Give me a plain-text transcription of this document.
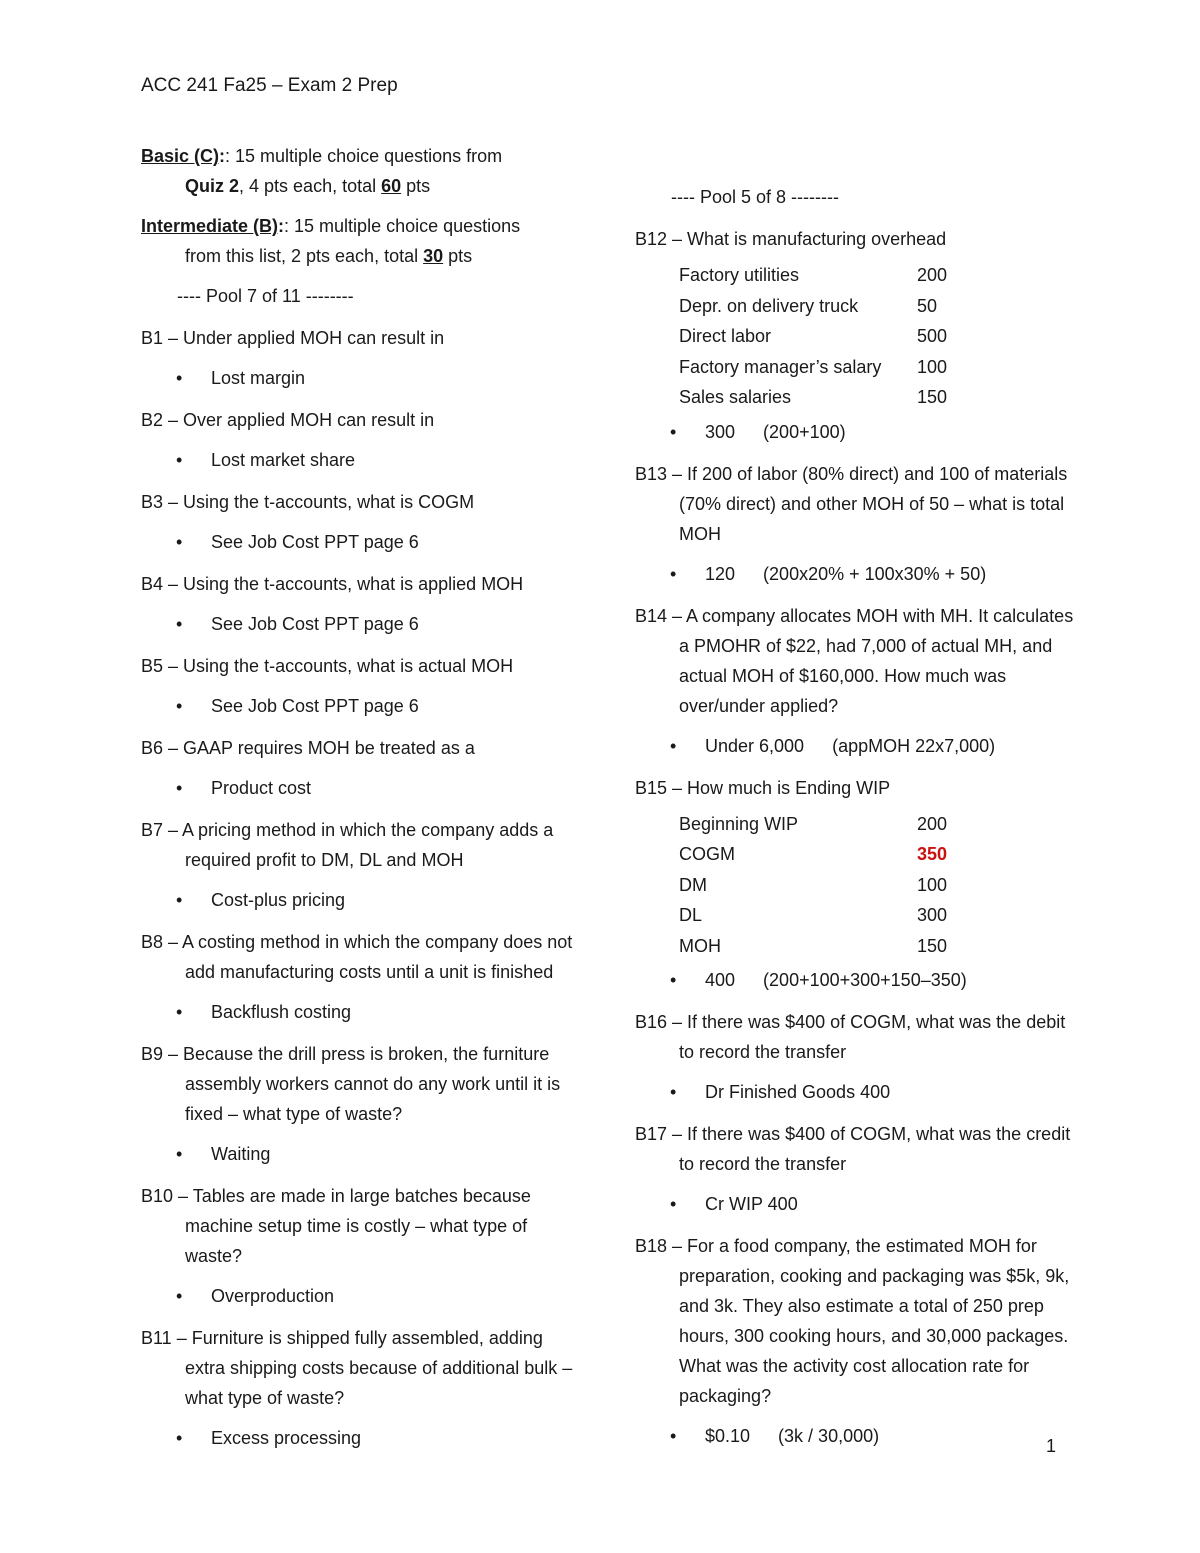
ACC 241 Fa25 – Exam 2 Prep
Basic (C):: 15 multiple choice questions from
Quiz 2, 4 pts each, total 60 pts
Intermediate (B):: 15 multiple choice questions
from this list, 2 pts each, total 30 pts
---- Pool 7 of 11 --------
B1 – Under applied MOH can result in
• Lost margin
B2 – Over applied MOH can result in
• Lost market share
B3 – Using the t-accounts, what is COGM
• See Job Cost PPT page 6
B4 – Using the t-accounts, what is applied MOH
• See Job Cost PPT page 6
B5 – Using the t-accounts, what is actual MOH
• See Job Cost PPT page 6
B6 – GAAP requires MOH be treated as a
• Product cost
B7 – A pricing method in which the company adds a required profit to DM, DL and MOH
• Cost-plus pricing
B8 – A costing method in which the company does not add manufacturing costs until a unit is finished
• Backflush costing
B9 – Because the drill press is broken, the furniture assembly workers cannot do any work until it is fixed – what type of waste?
• Waiting
B10 – Tables are made in large batches because machine setup time is costly – what type of waste?
• Overproduction
B11 – Furniture is shipped fully assembled, adding extra shipping costs because of additional bulk – what type of waste?
• Excess processing
---- Pool 5 of 8 --------
B12 – What is manufacturing overhead
Factory utilities	200
Depr. on delivery truck	50
Direct labor	500
Factory manager’s salary	100
Sales salaries	150
• 300 (200+100)
B13 – If 200 of labor (80% direct) and 100 of materials (70% direct) and other MOH of 50 – what is total MOH
• 120 (200x20% + 100x30% + 50)
B14 – A company allocates MOH with MH. It calculates a PMOHR of $22, had 7,000 of actual MH, and actual MOH of $160,000. How much was over/under applied?
• Under 6,000 (appMOH 22x7,000)
B15 – How much is Ending WIP
Beginning WIP	200
COGM	350
DM	100
DL	300
MOH	150
• 400 (200+100+300+150–350)
B16 – If there was $400 of COGM, what was the debit to record the transfer
• Dr Finished Goods 400
B17 – If there was $400 of COGM, what was the credit to record the transfer
• Cr WIP 400
B18 – For a food company, the estimated MOH for preparation, cooking and packaging was $5k, 9k, and 3k. They also estimate a total of 250 prep hours, 300 cooking hours, and 30,000 packages. What was the activity cost allocation rate for packaging?
• $0.10 (3k / 30,000)	1
